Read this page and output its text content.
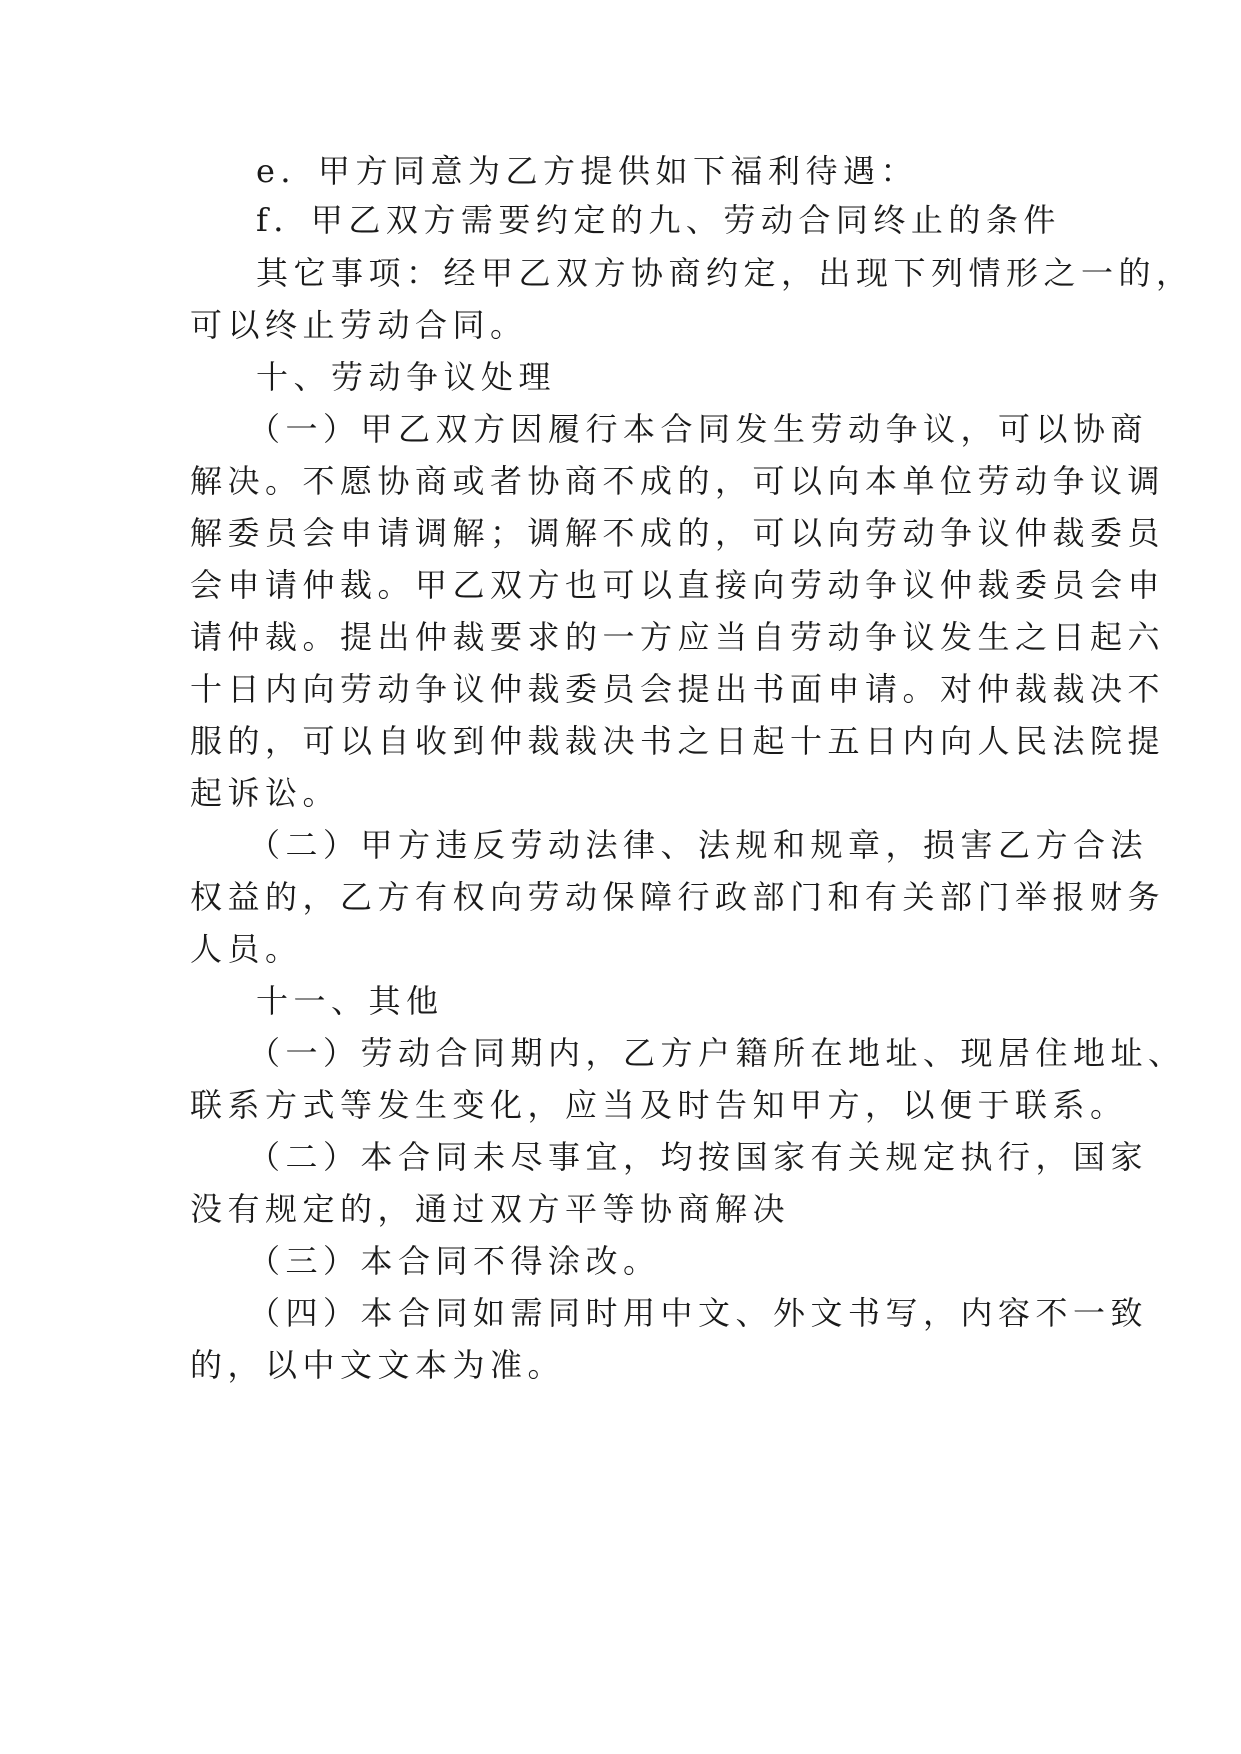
e．甲方同意为乙方提供如下福利待遇：

f．甲乙双方需要约定的九、劳动合同终止的条件

其它事项：经甲乙双方协商约定，出现下列情形之一的，

可以终止劳动合同。

十、劳动争议处理

（一）甲乙双方因履行本合同发生劳动争议，可以协商

解决。不愿协商或者协商不成的，可以向本单位劳动争议调

解委员会申请调解；调解不成的，可以向劳动争议仲裁委员

会申请仲裁。甲乙双方也可以直接向劳动争议仲裁委员会申

请仲裁。提出仲裁要求的一方应当自劳动争议发生之日起六

十日内向劳动争议仲裁委员会提出书面申请。对仲裁裁决不

服的，可以自收到仲裁裁决书之日起十五日内向人民法院提

起诉讼。

（二）甲方违反劳动法律、法规和规章，损害乙方合法

权益的，乙方有权向劳动保障行政部门和有关部门举报财务

人员。

十一、其他

（一）劳动合同期内，乙方户籍所在地址、现居住地址、

联系方式等发生变化，应当及时告知甲方，以便于联系。

（二）本合同未尽事宜，均按国家有关规定执行，国家

没有规定的，通过双方平等协商解决

（三）本合同不得涂改。

（四）本合同如需同时用中文、外文书写，内容不一致

的，以中文文本为准。
